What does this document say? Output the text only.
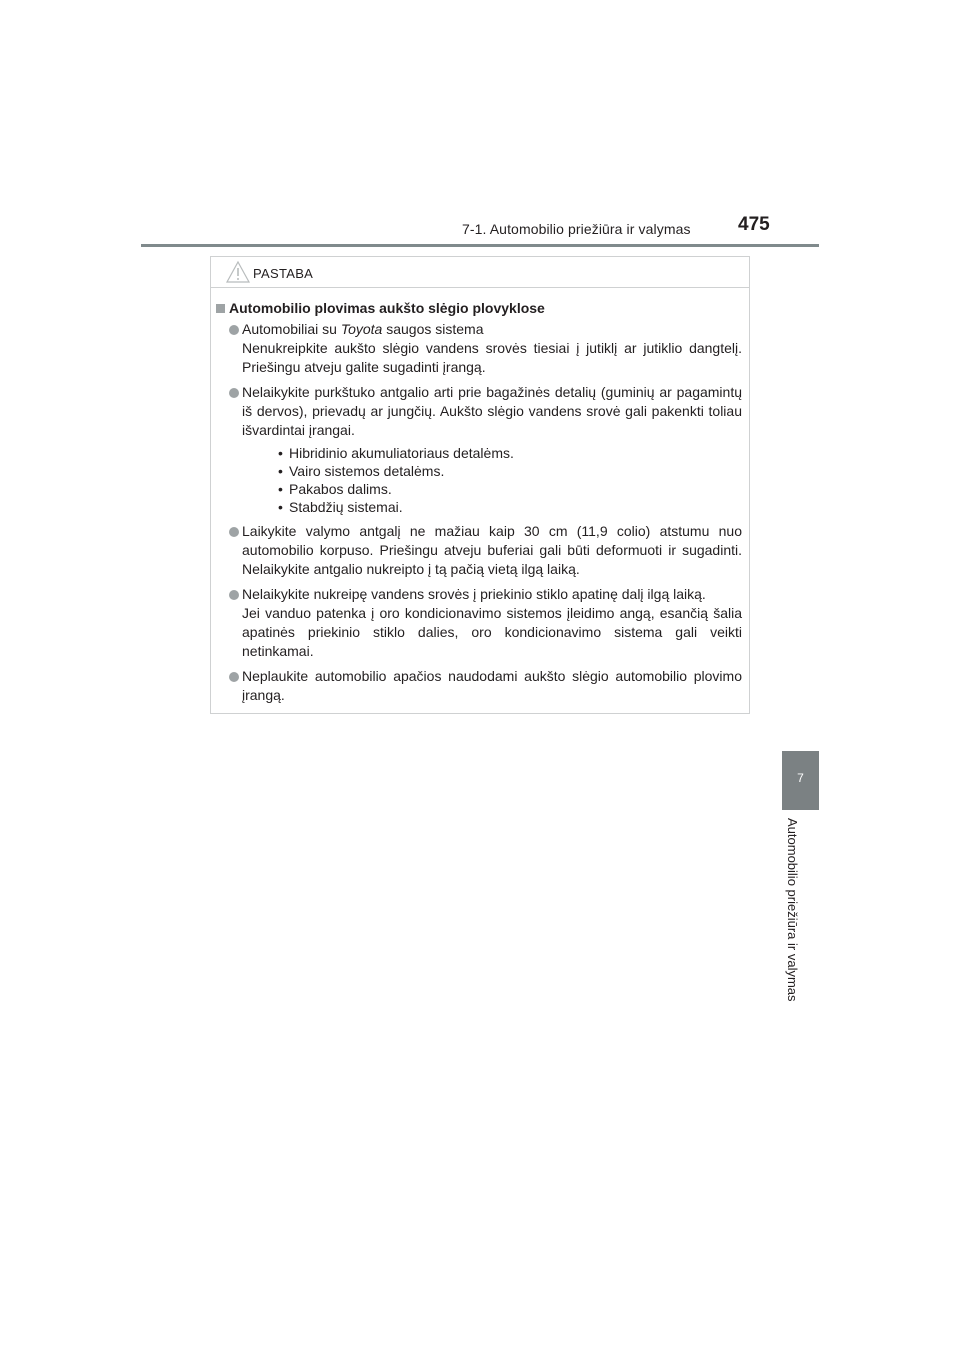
7-1. Automobilio priežiūra ir valymas 475
7
Automobilio priežiūra ir valymas
PASTABA
Automobilio plovimas aukšto slėgio plovyklose

Automobiliai su Toyota saugos sistema

Nenukreipkite aukšto slėgio vandens srovės tiesiai į jutiklį ar jutiklio dangtelį. Priešingu atveju galite sugadinti įrangą.

Nelaikykite purkštuko antgalio arti prie bagažinės detalių (guminių ar pagamintų iš dervos), prievadų ar jungčių. Aukšto slėgio vandens srovė gali pakenkti toliau išvardintai įrangai.

• Hibridinio akumuliatoriaus detalėms.
• Vairo sistemos detalėms.
• Pakabos dalims.
• Stabdžių sistemai.

Laikykite valymo antgalį ne mažiau kaip 30 cm (11,9 colio) atstumu nuo automobilio korpuso. Priešingu atveju buferiai gali būti deformuoti ir sugadinti. Nelaikykite antgalio nukreipto į tą pačią vietą ilgą laiką.

Nelaikykite nukreipę vandens srovės į priekinio stiklo apatinę dalį ilgą laiką.

Jei vanduo patenka į oro kondicionavimo sistemos įleidimo angą, esančią šalia apatinės priekinio stiklo dalies, oro kondicionavimo sistema gali veikti netinkamai.

Neplaukite automobilio apačios naudodami aukšto slėgio automobilio plovimo įrangą.
